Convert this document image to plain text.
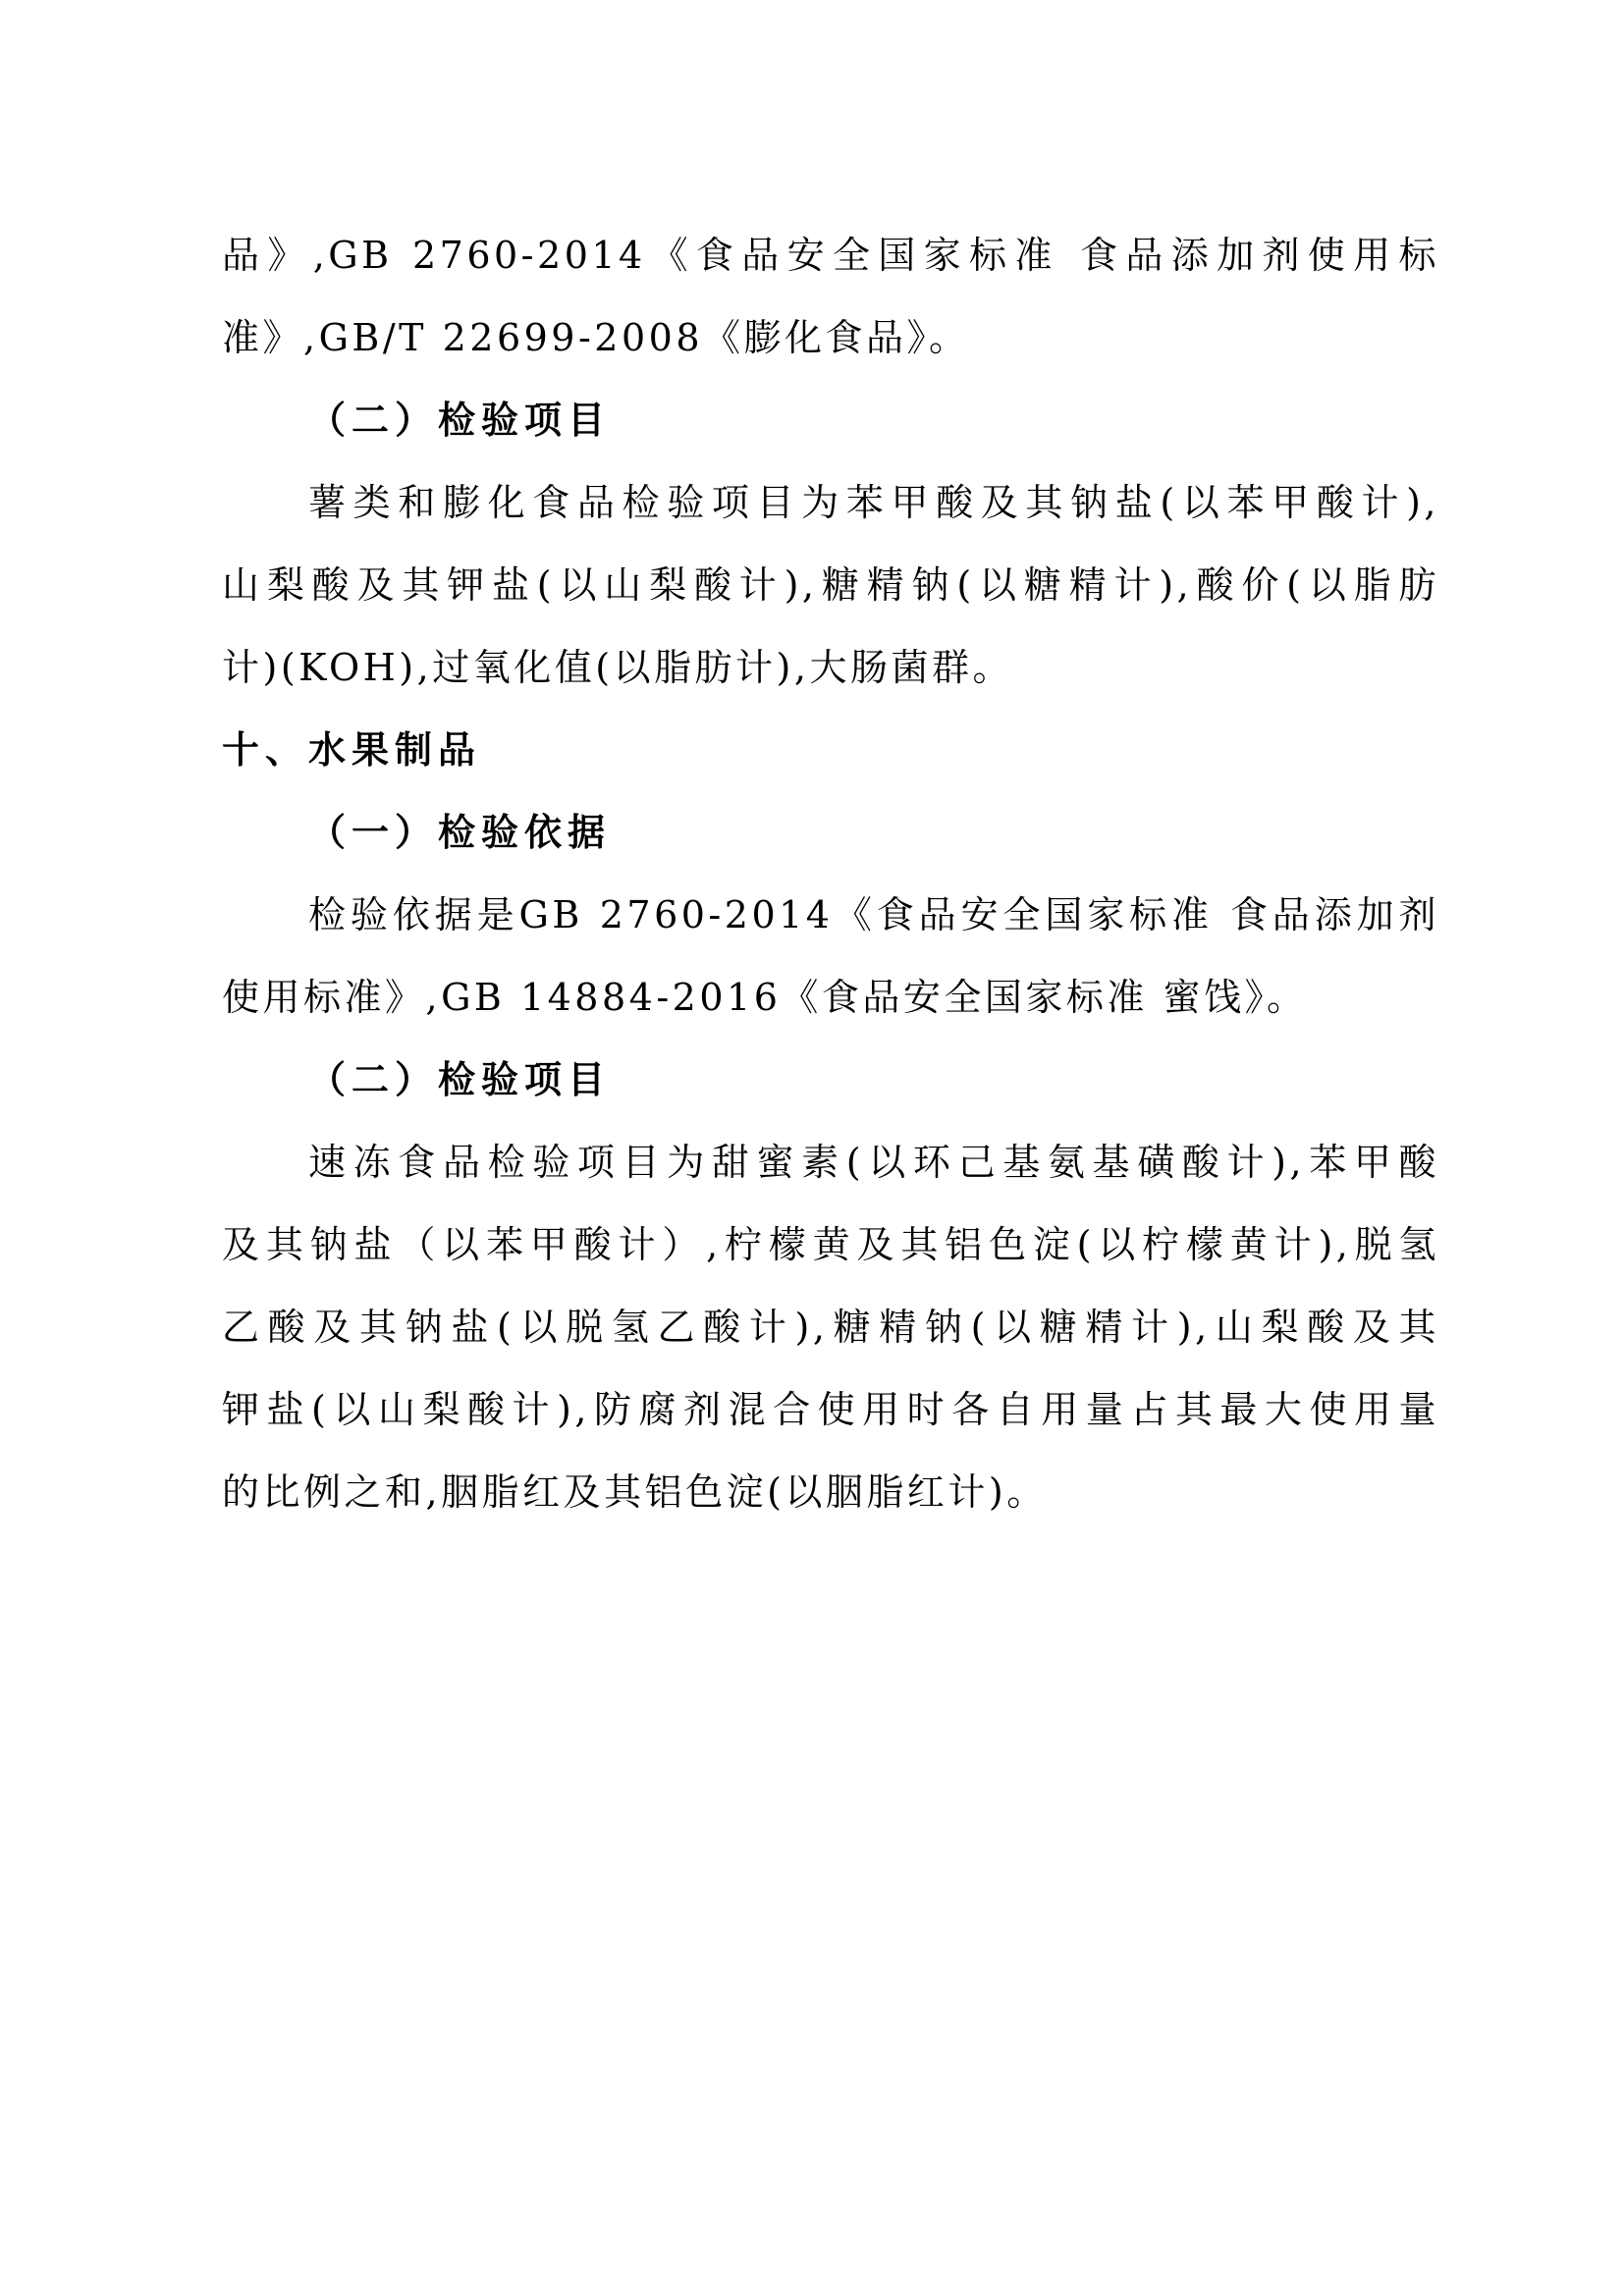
品》,GB 2760-2014《食品安全国家标准 食品添加剂使用标
准》,GB/T 22699-2008《膨化食品》。
（二）检验项目
薯类和膨化食品检验项目为苯甲酸及其钠盐(以苯甲酸计),
山梨酸及其钾盐(以山梨酸计),糖精钠(以糖精计),酸价(以脂肪
计)(KOH),过氧化值(以脂肪计),大肠菌群。
十、水果制品
（一）检验依据
检验依据是GB 2760-2014《食品安全国家标准 食品添加剂
使用标准》,GB 14884-2016《食品安全国家标准 蜜饯》。
（二）检验项目
速冻食品检验项目为甜蜜素(以环己基氨基磺酸计),苯甲酸
及其钠盐（以苯甲酸计）,柠檬黄及其铝色淀(以柠檬黄计),脱氢
乙酸及其钠盐(以脱氢乙酸计),糖精钠(以糖精计),山梨酸及其
钾盐(以山梨酸计),防腐剂混合使用时各自用量占其最大使用量
的比例之和,胭脂红及其铝色淀(以胭脂红计)。
